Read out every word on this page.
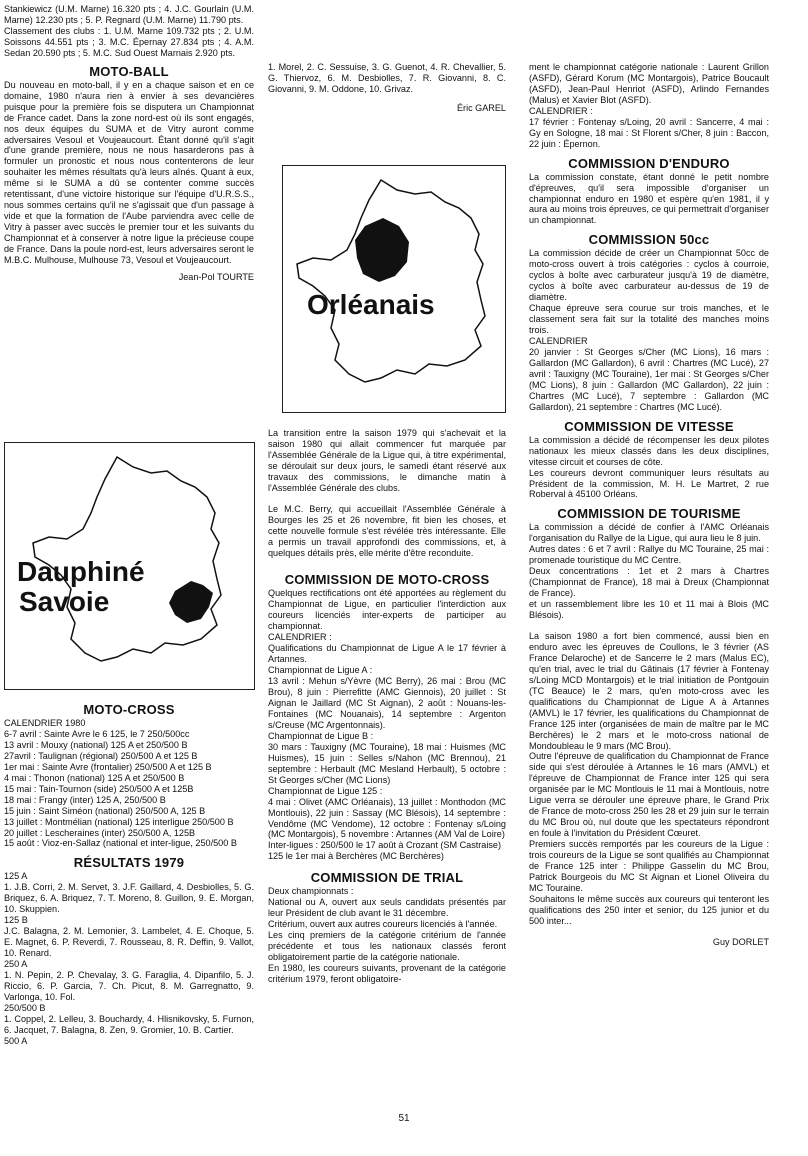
Stankiewicz (U.M. Marne) 16.320 pts ; 4. J.C. Gourlain (U.M. Marne) 12.230 pts ; 5. P. Regnard (U.M. Marne) 11.790 pts.

Classement des clubs : 1. U.M. Marne 109.732 pts ; 2. U.M. Soissons 44.551 pts ; 3. M.C. Épernay 27.834 pts ; 4. A.M. Sedan 20.590 pts ; 5. M.C. Sud Ouest Marnais 2.920 pts.

MOTO-BALL

Du nouveau en moto-ball, il y en a chaque saison et en ce domaine, 1980 n'aura rien à envier à ses devancières puisque pour la première fois se disputera un Championnat de France cadet. Dans la zone nord-est où ils sont engagés, nos deux équipes du SUMA et de Vitry auront comme adversaires Vesoul et Voujeaucourt. Étant donné qu'il s'agit d'une grande première, nous ne nous hasarderons pas à formuler un pronostic et nous nous contenterons de leur souhaiter les mêmes résultats qu'à leurs aînés. Quant à eux, même si le SUMA a dû se contenter comme succès retentissant, d'une victoire historique sur l'équipe d'U.R.S.S., nous sommes certains qu'il ne s'agissait que d'un passage à vide et que la formation de l'Aube parviendra avec celle de Vitry à passer avec succès le premier tour et les suivants du Championnat et à conserver à notre ligue la précieuse coupe de France. Dans la poule nord-est, leurs adversaires seront le M.B.C. Mulhouse, Mulhouse 73, Vesoul et Voujeaucourt.

Jean-Pol TOURTE

Dauphiné
Savoie
MOTO-CROSS

CALENDRIER 1980

6-7 avril : Sainte Avre le 6 125, le 7 250/500cc

13 avril : Mouxy (national) 125 A et 250/500 B

27avril : Taulignan (régional) 250/500 A et 125 B

1er mai : Sainte Avre (frontalier) 250/500 A et 125 B

4 mai : Thonon (national) 125 A et 250/500 B

15 mai : Tain-Tournon (side) 250/500 A et 125B

18 mai : Frangy (inter) 125 A, 250/500 B

15 juin : Saint Siméon (national) 250/500 A, 125 B

13 juillet : Montmélian (national) 125 interligue 250/500 B

20 juillet : Lescheraines (inter) 250/500 A, 125B

15 août : Vioz-en-Sallaz (national et inter-ligue, 250/500 B

RÉSULTATS 1979

125 A

1. J.B. Corri, 2. M. Servet, 3. J.F. Gaillard, 4. Desbiolles, 5. G. Briquez, 6. A. Briquez, 7. T. Moreno, 8. Guillon, 9. E. Morgan, 10. Skuppien.

125 B

J.C. Balagna, 2. M. Lemonier, 3. Lambelet, 4. E. Choque, 5. E. Magnet, 6. P. Reverdi, 7. Rousseau, 8. R. Deffin, 9. Vallot, 10. Renard.

250 A

1. N. Pepin, 2. P. Chevalay, 3. G. Faraglia, 4. Dipanfilo, 5. J. Riccio, 6. P. Garcia, 7. Ch. Picut, 8. M. Garregnatto, 9. Varlonga, 10. Fol.

250/500 B

1. Coppel, 2. Lelleu, 3. Bouchardy, 4. Hlisnikovsky, 5. Furnon, 6. Jacquet, 7. Balagna, 8. Zen, 9. Gromier, 10. B. Cartier.

500 A

1. Morel, 2. C. Sessuise, 3. G. Guenot, 4. R. Chevallier, 5. G. Thiervoz, 6. M. Desbiolles, 7. R. Giovanni, 8. C. Giovanni, 9. M. Oddone, 10. Grivaz.

Éric GAREL

Orléanais

La transition entre la saison 1979 qui s'achevait et la saison 1980 qui allait commencer fut marquée par l'Assemblée Générale de la Ligue qui, à titre expérimental, se déroulait sur deux jours, le samedi étant réservé aux travaux des commissions, le dimanche matin à l'Assemblée Générale des clubs.

Le M.C. Berry, qui accueillait l'Assemblée Générale à Bourges les 25 et 26 novembre, fit bien les choses, et cette nouvelle formule s'est révélée très intéressante. Elle a permis un travail approfondi des commissions, et, à quelques détails près, elle mérite d'être reconduite.

COMMISSION DE MOTO-CROSS

Quelques rectifications ont été apportées au règlement du Championnat de Ligue, en particulier l'interdiction aux coureurs licenciés inter-experts de participer au championnat.

CALENDRIER :

Qualifications du Championnat de Ligue A le 17 février à Artannes.

Championnat de Ligue A :

13 avril : Mehun s/Yèvre (MC Berry), 26 mai : Brou (MC Brou), 8 juin : Pierrefitte (AMC Giennois), 20 juillet : St Aignan le Jaillard (MC St Aignan), 2 août : Nouans-les-Fontaines (MC Nouanais), 14 septembre : Argenton s/Creuse (MC Argentonnais).

Championnat de Ligue B :

30 mars : Tauxigny (MC Touraine), 18 mai : Huismes (MC Huismes), 15 juin : Selles s/Nahon (MC Brennou), 21 septembre : Herbault (MC Mesland Herbault), 5 octobre : St Georges s/Cher (MC Lions)

Championnat de Ligue 125 :

4 mai : Olivet (AMC Orléanais), 13 juillet : Monthodon (MC Montlouis), 22 juin : Sassay (MC Blésois), 14 septembre : Vendôme (MC Vendome), 12 octobre : Fontenay s/Loing (MC Montargois), 5 novembre : Artannes (AM Val de Loire)

Inter-ligues : 250/500 le 17 août à Crozant (SM Castraise)

125 le 1er mai à Berchères (MC Berchères)

COMMISSION DE TRIAL

Deux championnats :

National ou A, ouvert aux seuls candidats présentés par leur Président de club avant le 31 décembre.

Critérium, ouvert aux autres coureurs licenciés à l'année.

Les cinq premiers de la catégorie critérium de l'année précédente et tous les nationaux classés feront obligatoirement partie de la catégorie nationale.

En 1980, les coureurs suivants, provenant de la catégorie critérium 1979, feront obligatoire-

ment le championnat catégorie nationale : Laurent Grillon (ASFD), Gérard Korum (MC Montargois), Patrice Boucault (ASFD), Jean-Paul Henriot (ASFD), Arlindo Fernandes (Malus) et Xavier Blot (ASFD).

CALENDRIER :

17 février : Fontenay s/Loing, 20 avril : Sancerre, 4 mai : Gy en Sologne, 18 mai : St Florent s/Cher, 8 juin : Baccon, 22 juin : Épernon.

COMMISSION D'ENDURO

La commission constate, étant donné le petit nombre d'épreuves, qu'il sera impossible d'organiser un championnat enduro en 1980 et espère qu'en 1981, il y aura au moins trois épreuves, ce qui permettrait d'organiser un championnat.

COMMISSION 50cc

La commission décide de créer un Championnat 50cc de moto-cross ouvert à trois catégories : cyclos à courroie, cyclos à boîte avec carburateur jusqu'à 19 de diamètre, cyclos à boîte avec carburateur au-dessus de 19 de diamètre.

Chaque épreuve sera courue sur trois manches, et le classement sera fait sur la totalité des manches moins trois.

CALENDRIER

20 janvier : St Georges s/Cher (MC Lions), 16 mars : Gallardon (MC Gallardon), 6 avril : Chartres (MC Lucé), 27 avril : Tauxigny (MC Touraine), 1er mai : St Georges s/Cher (MC Lions), 8 juin : Gallardon (MC Gallardon), 22 juin : Chartres (MC Lucé), 7 septembre : Gallardon (MC Gallardon), 21 septembre : Chartres (MC Lucé).

COMMISSION DE VITESSE

La commission a décidé de récompenser les deux pilotes nationaux les mieux classés dans les deux disciplines, vitesse circuit et courses de côte.

Les coureurs devront communiquer leurs résultats au Président de la commission, M. H. Le Martret, 2 rue Roberval à 45100 Orléans.

COMMISSION DE TOURISME

La commission a décidé de confier à l'AMC Orléanais l'organisation du Rallye de la Ligue, qui aura lieu le 8 juin.

Autres dates : 6 et 7 avril : Rallye du MC Touraine, 25 mai : promenade touristique du MC Centre.

Deux concentrations : 1et et 2 mars à Chartres (Championnat de France), 18 mai à Dreux (Championnat de France).

et un rassemblement libre les 10 et 11 mai à Blois (MC Blésois).

La saison 1980 a fort bien commencé, aussi bien en enduro avec les épreuves de Coullons, le 3 février (AS France Delaroche) et de Sancerre le 2 mars (Malus EC), qu'en trial, avec le trial du Gâtinais (17 février à Fontenay s/Loing MCD Montargois) et le trial initiation de Pontgouin (TC Beauce) le 2 mars, qu'en moto-cross avec les qualifications du Championnat de Ligue A à Artannes (AMVL) le 17 février, les qualifications du Championnat de France 125 inter (organisées de main de maître par le MC Berchères) le 2 mars et le moto-cross national de Mondoubleau le 9 mars (MC Brou).

Outre l'épreuve de qualification du Championnat de France side qui s'est déroulée à Artannes le 16 mars (AMVL) et l'épreuve de Championnat de France inter 125 qui sera organisée par le MC Montlouis le 11 mai à Montlouis, notre Ligue verra se dérouler une épreuve phare, le Grand Prix de France de moto-cross 250 les 28 et 29 juin sur le terrain du MC Brou où, nul doute que les spectateurs répondront en foule à l'invitation du Président Cœuret.

Premiers succès remportés par les coureurs de la Ligue : trois coureurs de la Ligue se sont qualifiés au Championnat de France 125 inter : Philippe Gasselin du MC Brou, Patrick Bourgeois du MC St Aignan et Lionel Oliveira du MC Touraine.

Souhaitons le même succès aux coureurs qui tenteront les qualifications des 250 inter et senior, du 125 junior et du 500 inter...

Guy DORLET

51
